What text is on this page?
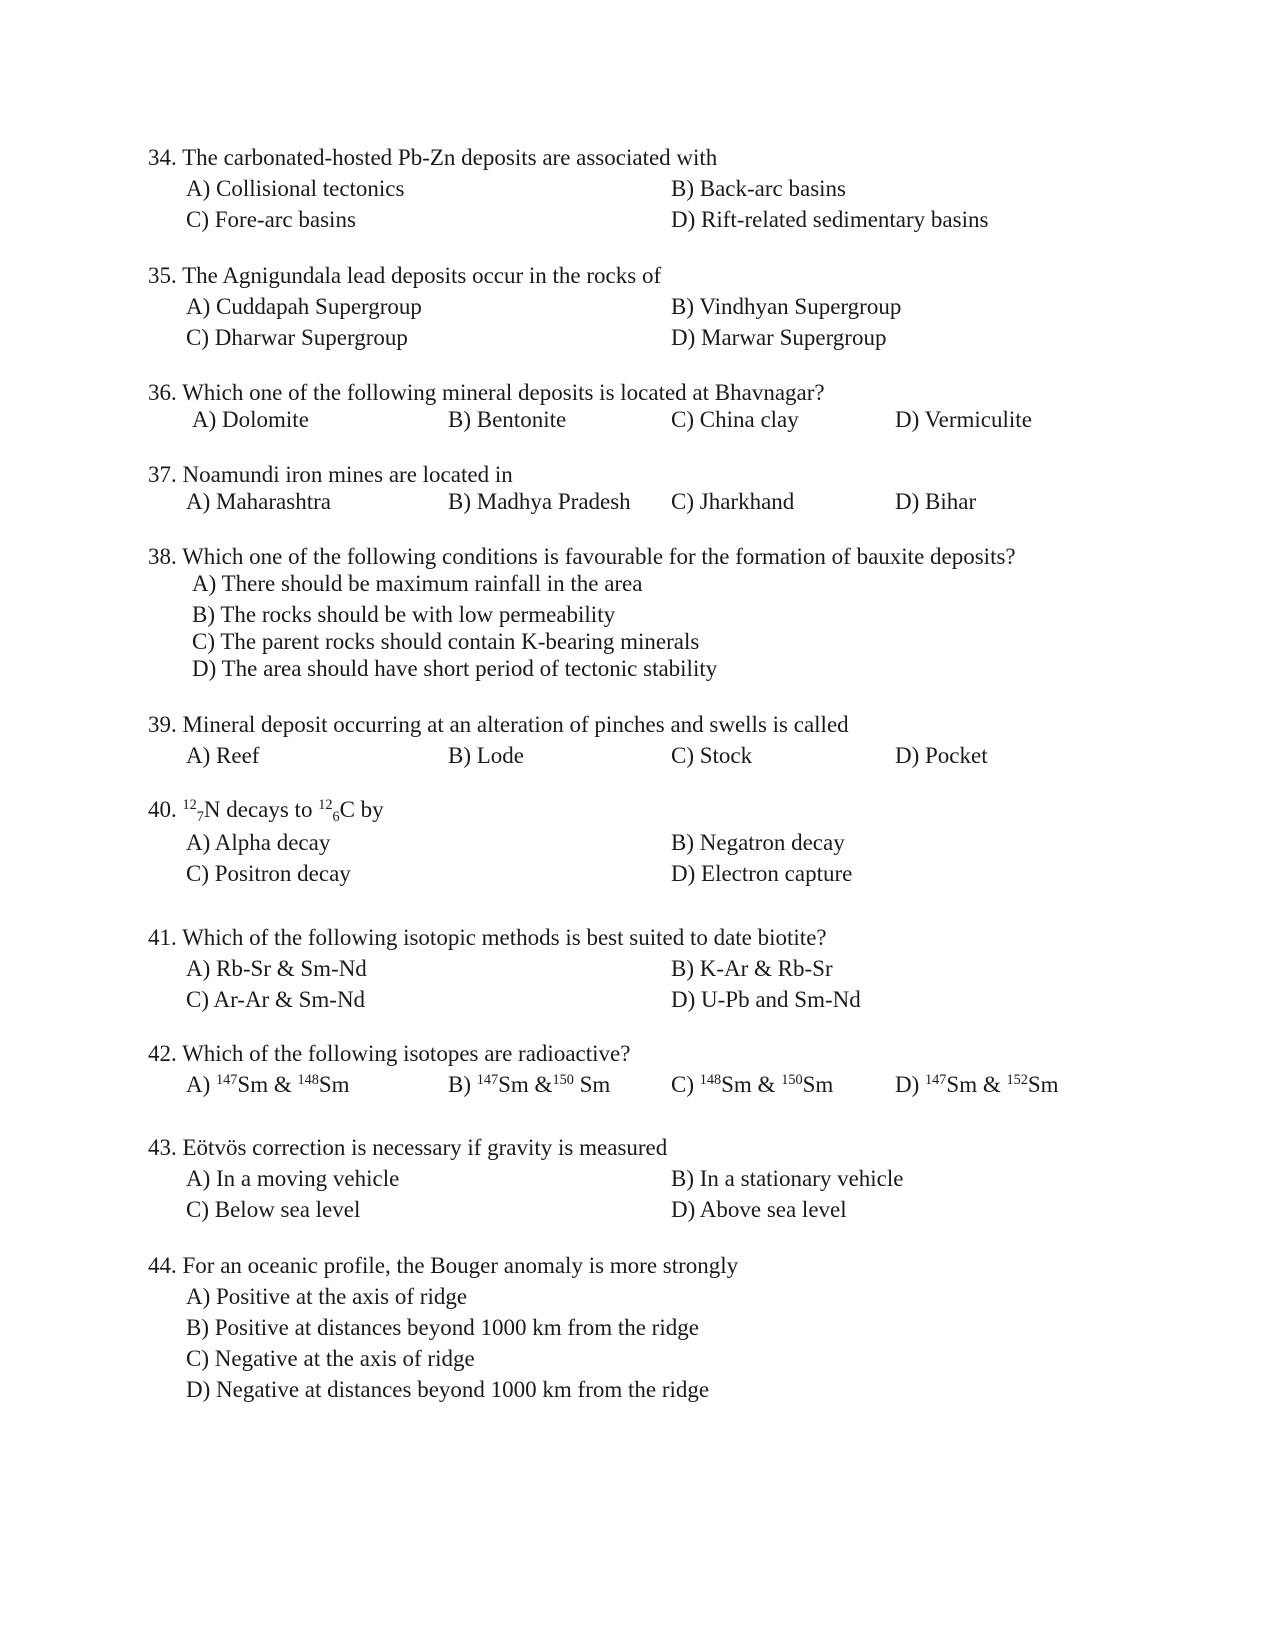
34. The carbonated-hosted Pb-Zn deposits are associated with
A) Collisional tectonics	B) Back-arc basins
C) Fore-arc basins	D) Rift-related sedimentary basins
35. The Agnigundala lead deposits occur in the rocks of
A) Cuddapah Supergroup	B) Vindhyan Supergroup
C) Dharwar Supergroup	D) Marwar Supergroup
36. Which one of the following mineral deposits is located at Bhavnagar?
A) Dolomite	B) Bentonite	C) China clay	D) Vermiculite
37. Noamundi iron mines are located in
A) Maharashtra	B) Madhya Pradesh C) Jharkhand	D) Bihar
38. Which one of the following conditions is favourable for the formation of bauxite deposits?
A) There should be maximum rainfall in the area
B) The rocks should be with low permeability
C) The parent rocks should contain K-bearing minerals
D) The area should have short period of tectonic stability
39. Mineral deposit occurring at an alteration of pinches and swells is called
A) Reef	B) Lode	C) Stock	D) Pocket
40. $^{12}_7$N decays to $^{12}_6$C by
A) Alpha decay	B) Negatron decay
C) Positron decay	D) Electron capture
41. Which of the following isotopic methods is best suited to date biotite?
A) Rb-Sr & Sm-Nd	B) K-Ar & Rb-Sr
C) Ar-Ar & Sm-Nd	D) U-Pb and Sm-Nd
42. Which of the following isotopes are radioactive?
A) $^{147}$Sm & $^{148}$Sm	B) $^{147}$Sm &$^{150}$ Sm	C) $^{148}$Sm & $^{150}$Sm	D) $^{147}$Sm & $^{152}$Sm
43. Eötvös correction is necessary if gravity is measured
A) In a moving vehicle	B) In a stationary vehicle
C) Below sea level	D) Above sea level
44. For an oceanic profile, the Bouger anomaly is more strongly
A) Positive at the axis of ridge
B) Positive at distances beyond 1000 km from the ridge
C) Negative at the axis of ridge
D) Negative at distances beyond 1000 km from the ridge
